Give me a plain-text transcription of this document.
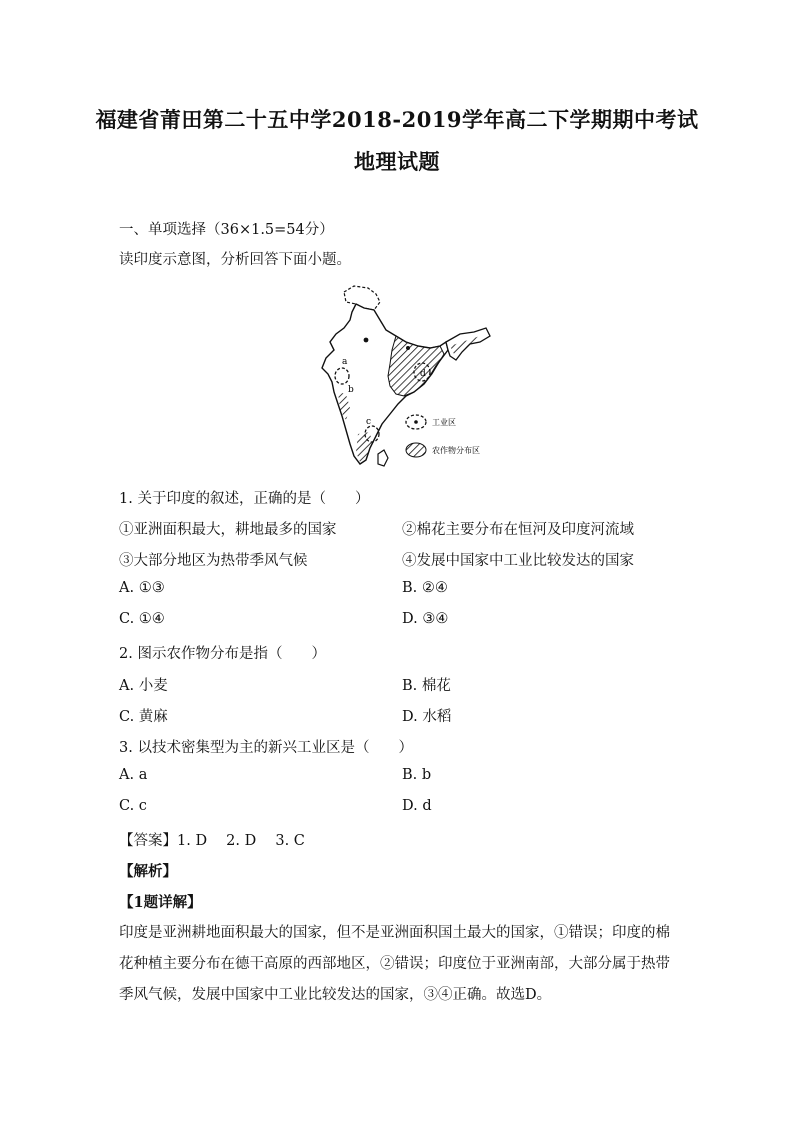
福建省莆田第二十五中学2018-2019学年高二下学期期中考试
地理试题
一、单项选择（36×1.5=54分）
读印度示意图，分析回答下面小题。
a
b
c
d
工业区
农作物分布区
1. 关于印度的叙述，正确的是（　　）
①亚洲面积最大，耕地最多的国家	②棉花主要分布在恒河及印度河流域
③大部分地区为热带季风气候	④发展中国家中工业比较发达的国家
A. ①③	B. ②④
C. ①④	D. ③④
2. 图示农作物分布是指（　　）
A. 小麦	B. 棉花
C. 黄麻	D. 水稻
3. 以技术密集型为主的新兴工业区是（　　）
A. a	B. b
C. c	D. d
【答案】1. D　 2. D　 3. C
【解析】
【1题详解】
印度是亚洲耕地面积最大的国家，但不是亚洲面积国土最大的国家，①错误；印度的棉花种植主要分布在德干高原的西部地区，②错误；印度位于亚洲南部，大部分属于热带季风气候，发展中国家中工业比较发达的国家，③④正确。故选D。
